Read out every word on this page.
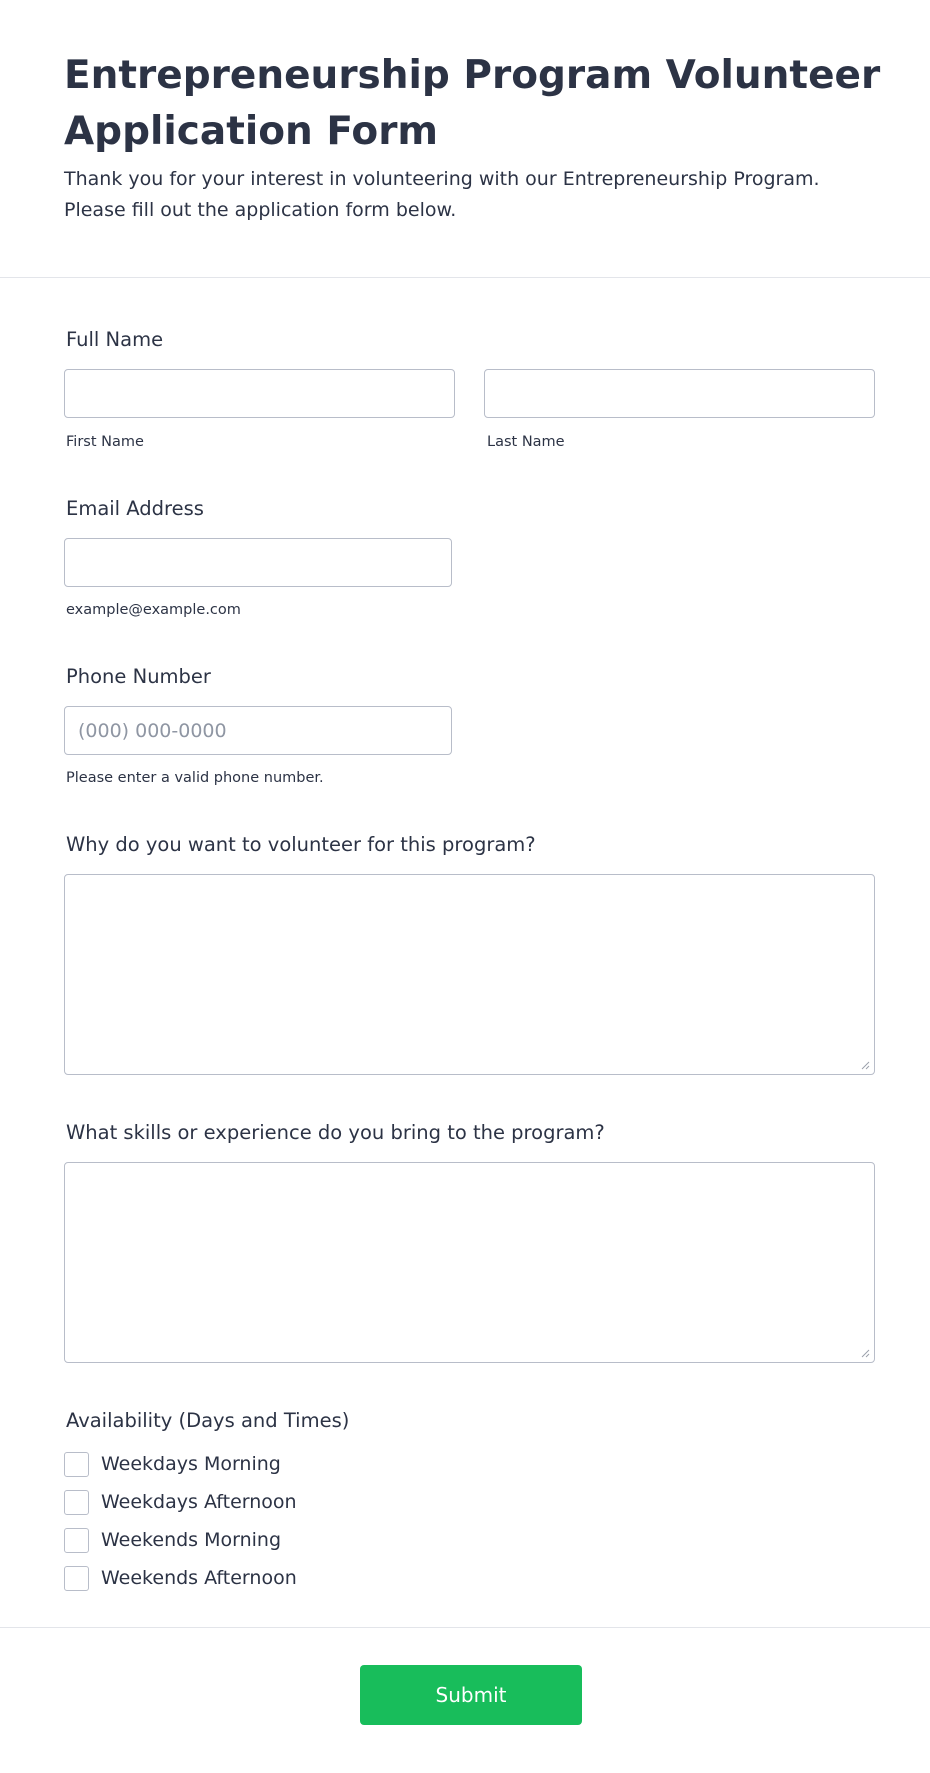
Entrepreneurship Program Volunteer Application Form
Thank you for your interest in volunteering with our Entrepreneurship Program.
Please fill out the application form below.
Full Name
First Name	Last Name
Email Address
example@example.com
Phone Number
(000) 000-0000
Please enter a valid phone number.
Why do you want to volunteer for this program?
What skills or experience do you bring to the program?
Availability (Days and Times)
Weekdays Morning
Weekdays Afternoon
Weekends Morning
Weekends Afternoon
Submit
